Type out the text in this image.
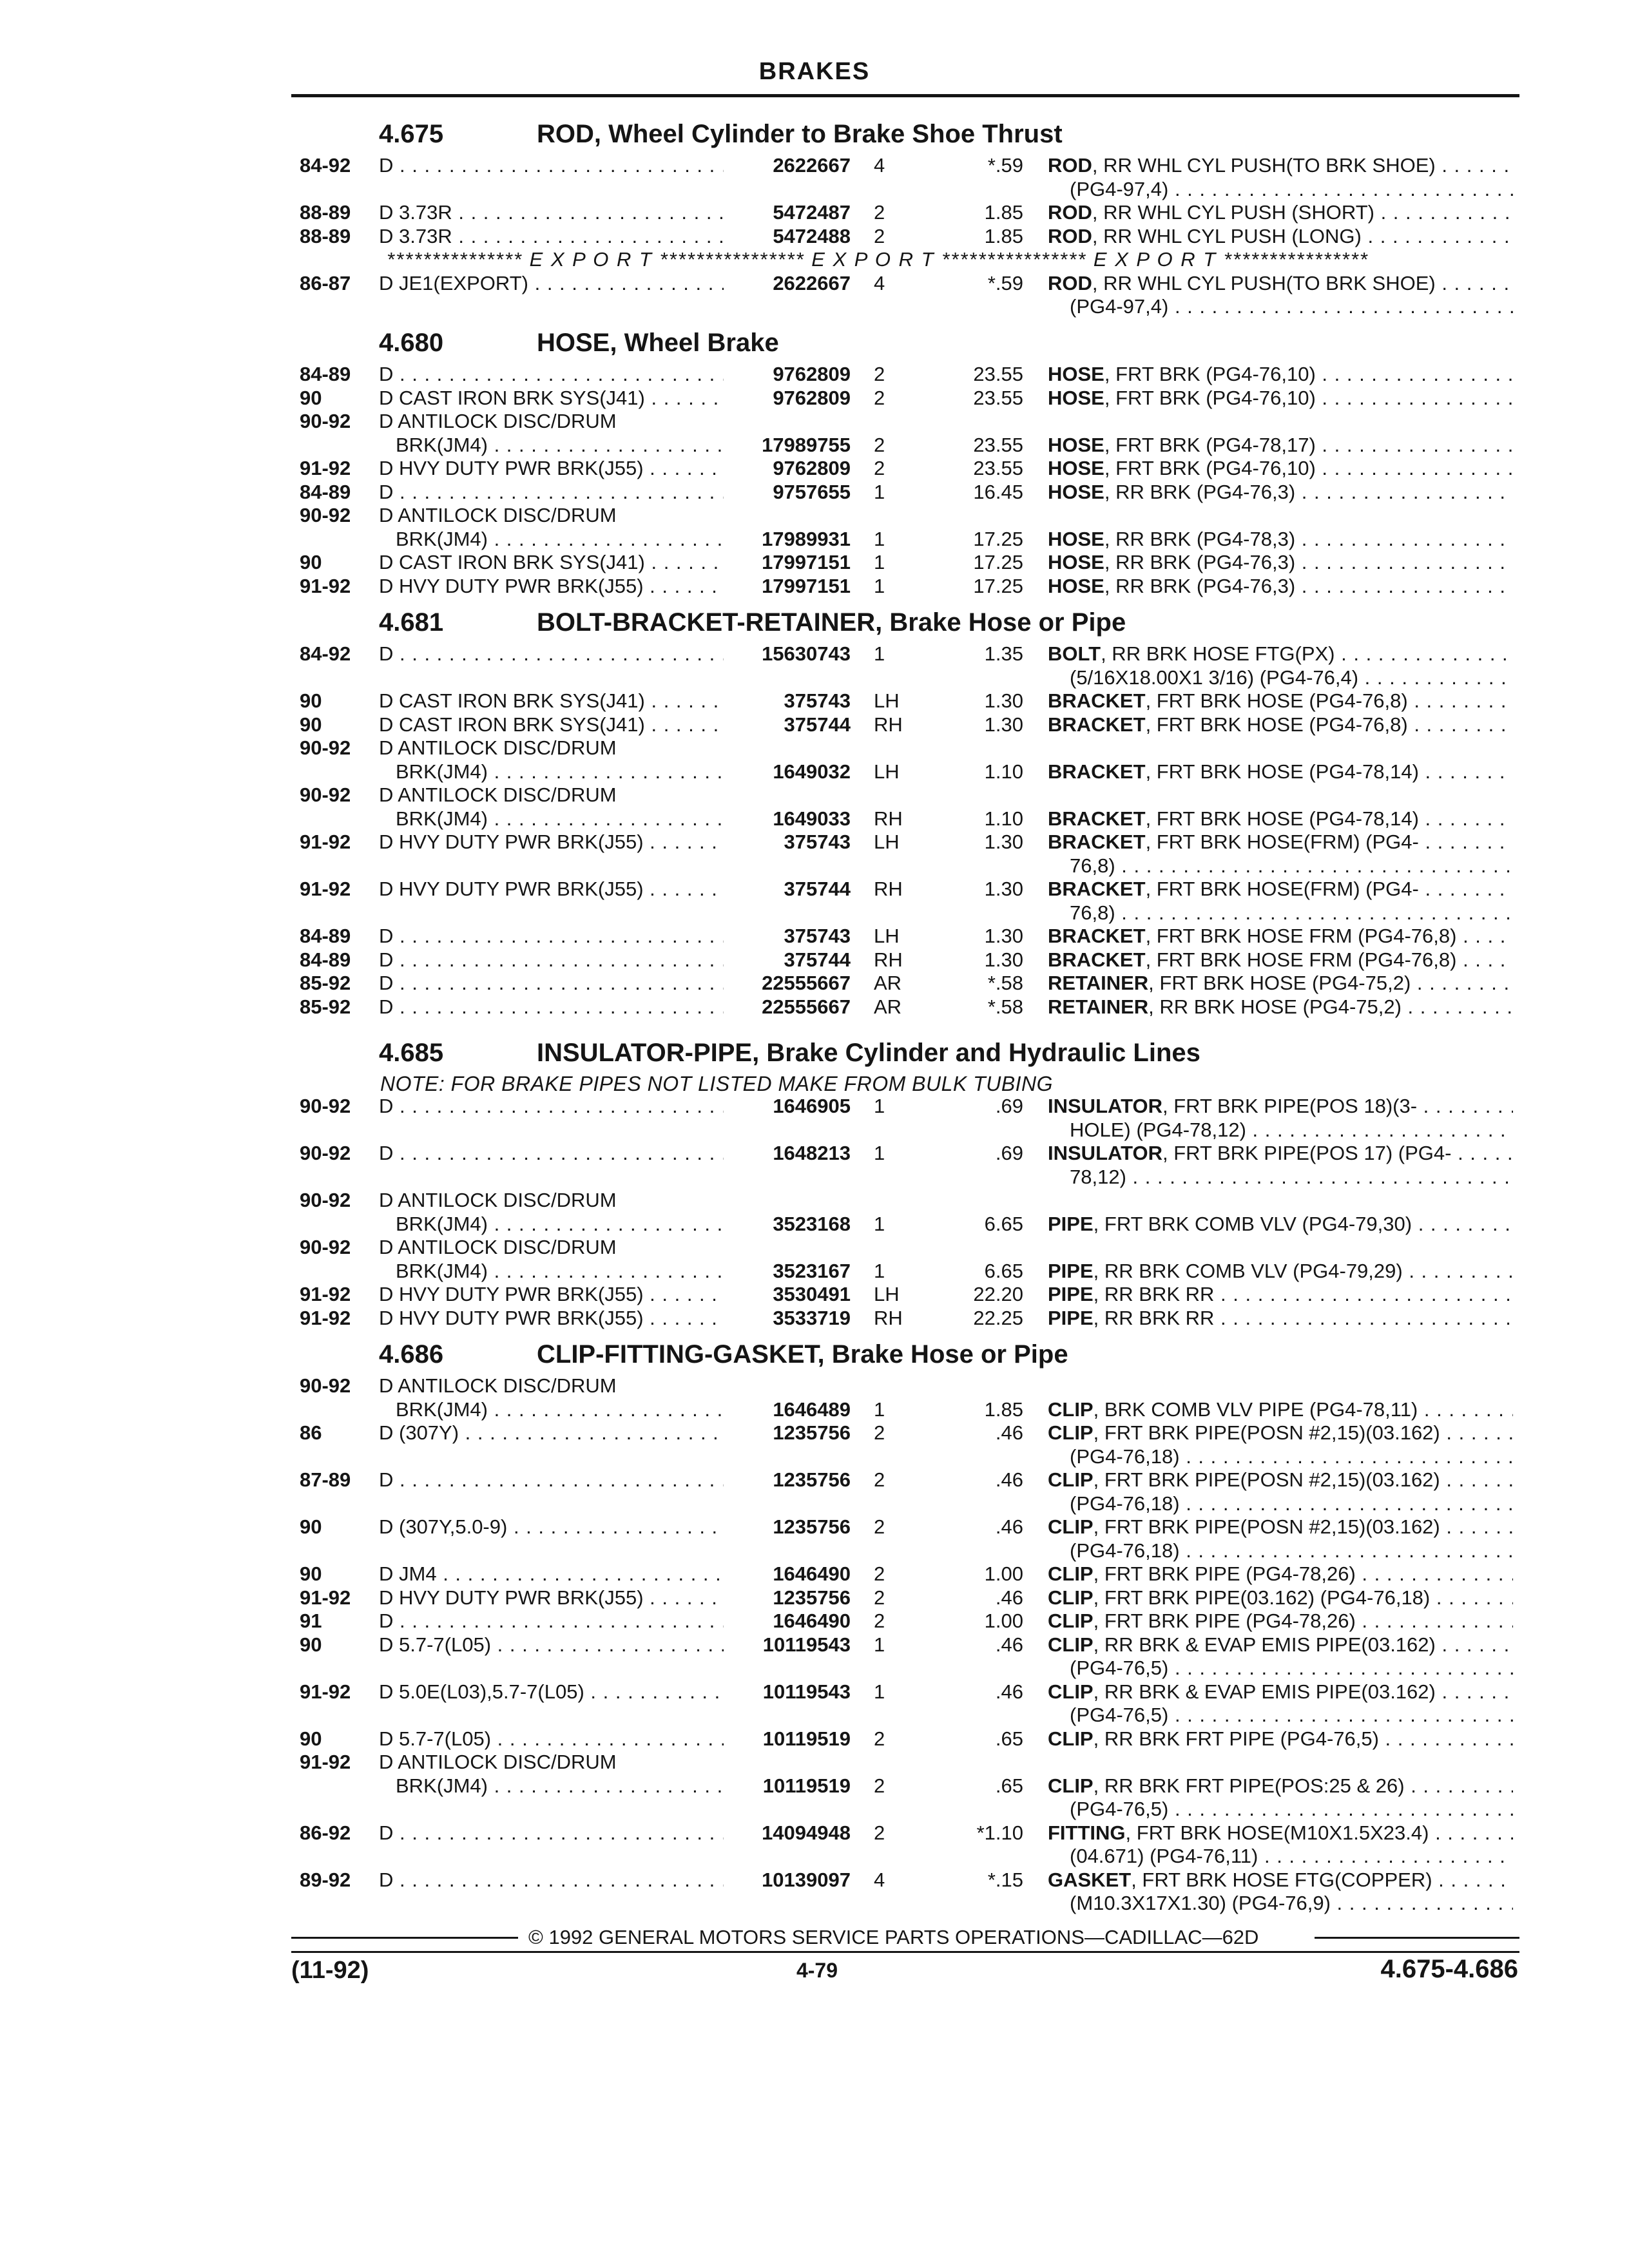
BRAKES
4.675	ROD, Wheel Cylinder to Brake Shoe Thrust
84-92 D . . .	2622667 4	*.59 ROD, RR WHL CYL PUSH(TO BRK SHOE) . . .
(PG4-97,4) . . .
88-89 D 3.73R . . .	5472487 2	1.85 ROD, RR WHL CYL PUSH (SHORT) . . .
88-89 D 3.73R . . .	5472488 2	1.85 ROD, RR WHL CYL PUSH (LONG) . . .
*************** E X P O R T **************** E X P O R T **************** E X P O R T ****************
86-87 D JE1(EXPORT) . . .	2622667 4	*.59 ROD, RR WHL CYL PUSH(TO BRK SHOE) . . .
(PG4-97,4) . . .
4.680	HOSE, Wheel Brake
84-89 D . . .	9762809 2	23.55 HOSE, FRT BRK (PG4-76,10) . . .
90	D CAST IRON BRK SYS(J41) . . .	9762809 2	23.55 HOSE, FRT BRK (PG4-76,10) . . .
90-92 D ANTILOCK DISC/DRUM
BRK(JM4) . . .	17989755 2	23.55 HOSE, FRT BRK (PG4-78,17) . . .
91-92 D HVY DUTY PWR BRK(J55) . . .	9762809 2	23.55 HOSE, FRT BRK (PG4-76,10) . . .
84-89 D . . .	9757655 1	16.45 HOSE, RR BRK (PG4-76,3) . . .
90-92 D ANTILOCK DISC/DRUM
BRK(JM4) . . .	17989931 1	17.25 HOSE, RR BRK (PG4-78,3) . . .
90	D CAST IRON BRK SYS(J41) . . .	17997151 1	17.25 HOSE, RR BRK (PG4-76,3) . . .
91-92 D HVY DUTY PWR BRK(J55) . . .	17997151 1	17.25 HOSE, RR BRK (PG4-76,3) . . .
4.681	BOLT-BRACKET-RETAINER, Brake Hose or Pipe
84-92 D . . .	15630743 1	1.35 BOLT, RR BRK HOSE FTG(PX) . . .
(5/16X18.00X1 3/16) (PG4-76,4) . . .
90	D CAST IRON BRK SYS(J41) . . .	375743 LH	1.30 BRACKET, FRT BRK HOSE (PG4-76,8) . . .
90	D CAST IRON BRK SYS(J41) . . .	375744 RH	1.30 BRACKET, FRT BRK HOSE (PG4-76,8) . . .
90-92 D ANTILOCK DISC/DRUM
BRK(JM4) . . .	1649032 LH	1.10 BRACKET, FRT BRK HOSE (PG4-78,14) . . .
90-92 D ANTILOCK DISC/DRUM
BRK(JM4) . . .	1649033 RH	1.10 BRACKET, FRT BRK HOSE (PG4-78,14) . . .
91-92 D HVY DUTY PWR BRK(J55) . . .	375743 LH	1.30 BRACKET, FRT BRK HOSE(FRM) (PG4- . . .
76,8) . . .
91-92 D HVY DUTY PWR BRK(J55) . . .	375744 RH	1.30 BRACKET, FRT BRK HOSE(FRM) (PG4- . . .
76,8) . . .
84-89 D . . .	375743 LH	1.30 BRACKET, FRT BRK HOSE FRM (PG4-76,8) . . .
84-89 D . . .	375744 RH	1.30 BRACKET, FRT BRK HOSE FRM (PG4-76,8) . . .
85-92 D . . .	22555667 AR	*.58 RETAINER, FRT BRK HOSE (PG4-75,2) . . .
85-92 D . . .	22555667 AR	*.58 RETAINER, RR BRK HOSE (PG4-75,2) . . .
4.685	INSULATOR-PIPE, Brake Cylinder and Hydraulic Lines
NOTE: FOR BRAKE PIPES NOT LISTED MAKE FROM BULK TUBING
90-92 D . . .	1646905 1	.69 INSULATOR, FRT BRK PIPE(POS 18)(3- . . .
HOLE) (PG4-78,12) . . .
90-92 D . . .	1648213 1	.69 INSULATOR, FRT BRK PIPE(POS 17) (PG4- . . .
78,12) . . .
90-92 D ANTILOCK DISC/DRUM
BRK(JM4) . . .	3523168 1	6.65 PIPE, FRT BRK COMB VLV (PG4-79,30) . . .
90-92 D ANTILOCK DISC/DRUM
BRK(JM4) . . .	3523167 1	6.65 PIPE, RR BRK COMB VLV (PG4-79,29) . . .
91-92 D HVY DUTY PWR BRK(J55) . . .	3530491 LH	22.20 PIPE, RR BRK RR . . .
91-92 D HVY DUTY PWR BRK(J55) . . .	3533719 RH	22.25 PIPE, RR BRK RR . . .
4.686	CLIP-FITTING-GASKET, Brake Hose or Pipe
90-92 D ANTILOCK DISC/DRUM
BRK(JM4) . . .	1646489 1	1.85 CLIP, BRK COMB VLV PIPE (PG4-78,11) . . .
86	D (307Y) . . .	1235756 2	.46 CLIP, FRT BRK PIPE(POSN #2,15)(03.162) . . .
(PG4-76,18) . . .
87-89 D . . .	1235756 2	.46 CLIP, FRT BRK PIPE(POSN #2,15)(03.162) . . .
(PG4-76,18) . . .
90	D (307Y,5.0-9) . . .	1235756 2	.46 CLIP, FRT BRK PIPE(POSN #2,15)(03.162) . . .
(PG4-76,18) . . .
90	D JM4 . . .	1646490 2	1.00 CLIP, FRT BRK PIPE (PG4-78,26) . . .
91-92 D HVY DUTY PWR BRK(J55) . . .	1235756 2	.46 CLIP, FRT BRK PIPE(03.162) (PG4-76,18) . . .
91	D . . .	1646490 2	1.00 CLIP, FRT BRK PIPE (PG4-78,26) . . .
90	D 5.7-7(L05) . . .	10119543 1	.46 CLIP, RR BRK & EVAP EMIS PIPE(03.162) . . .
(PG4-76,5) . . .
91-92 D 5.0E(L03),5.7-7(L05) . . .	10119543 1	.46 CLIP, RR BRK & EVAP EMIS PIPE(03.162) . . .
(PG4-76,5) . . .
90	D 5.7-7(L05) . . .	10119519 2	.65 CLIP, RR BRK FRT PIPE (PG4-76,5) . . .
91-92 D ANTILOCK DISC/DRUM
BRK(JM4) . . .	10119519 2	.65 CLIP, RR BRK FRT PIPE(POS:25 & 26) . . .
(PG4-76,5) . . .
86-92 D . . .	14094948 2	*1.10 FITTING, FRT BRK HOSE(M10X1.5X23.4) . . .
(04.671) (PG4-76,11) . . .
89-92 D . . .	10139097 4	*.15 GASKET, FRT BRK HOSE FTG(COPPER) . . .
(M10.3X17X1.30) (PG4-76,9) . . .
© 1992 GENERAL MOTORS SERVICE PARTS OPERATIONS—CADILLAC—62D
(11-92)	4-79	4.675-4.686
